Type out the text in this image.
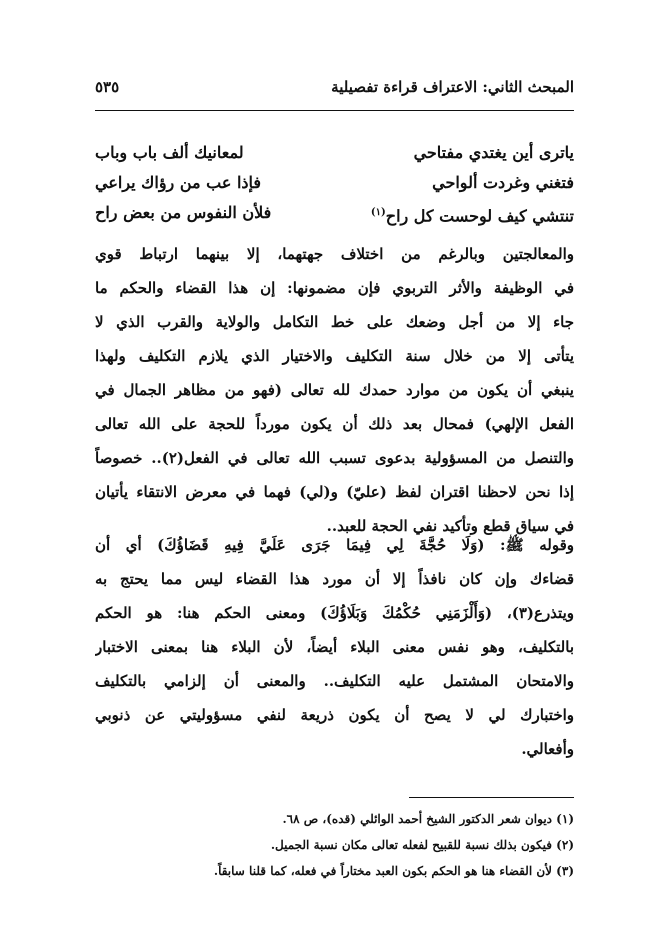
المبحث الثاني: الاعتراف قراءة تفصيلية
٥٣٥
ياترى أين يغتدي مفتاحي
لمعانيك ألف باب وباب
فتغني وغردت ألواحي
فإذا عب من رؤاك يراعي
تنتشي كيف لوحست كل راح$^{(١)}$
فلأن النفوس من بعض راح
والمعالجتين وبالرغم من اختلاف جهتهما، إلا بينهما ارتباط قوي
في الوظيفة والأثر التربوي فإن مضمونها: إن هذا القضاء والحكم ما
جاء إلا من أجل وضعك على خط التكامل والولاية والقرب الذي لا
يتأتى إلا من خلال سنة التكليف والاختيار الذي يلازم التكليف ولهذا
ينبغي أن يكون من موارد حمدك لله تعالى (فهو من مظاهر الجمال في
الفعل الإلهي) فمحال بعد ذلك أن يكون مورداً للحجة على الله تعالى
والتنصل من المسؤولية بدعوى تسبب الله تعالى في الفعل(٢).. خصوصاً
إذا نحن لاحظنا اقتران لفظ (عليّ) و(لي) فهما في معرض الانتقاء يأتيان
في سياق قطع وتأكيد نفي الحجة للعبد..
وقوله ﷺ: (وَلَا حُجَّةَ لِي فِيمَا جَرَى عَلَيَّ فِيهِ قَضَاؤُكَ) أي أن
قضاءك وإن كان نافذاً إلا أن مورد هذا القضاء ليس مما يحتج به
ويتذرع(٣)، (وَأَلْزَمَنِي حُكْمُكَ وَبَلَاؤُكَ) ومعنى الحكم هنا: هو الحكم
بالتكليف، وهو نفس معنى البلاء أيضاً، لأن البلاء هنا بمعنى الاختبار
والامتحان المشتمل عليه التكليف.. والمعنى أن إلزامي بالتكليف
واختبارك لي لا يصح أن يكون ذريعة لنفي مسؤوليتي عن ذنوبي
وأفعالي.
(١) ديوان شعر الدكتور الشيخ أحمد الوائلي (قده)، ص ٦٨.
(٢) فيكون بذلك نسبة للقبيح لفعله تعالى مكان نسبة الجميل.
(٣) لأن القضاء هنا هو الحكم بكون العبد مختاراً في فعله، كما قلنا سابقاً.
